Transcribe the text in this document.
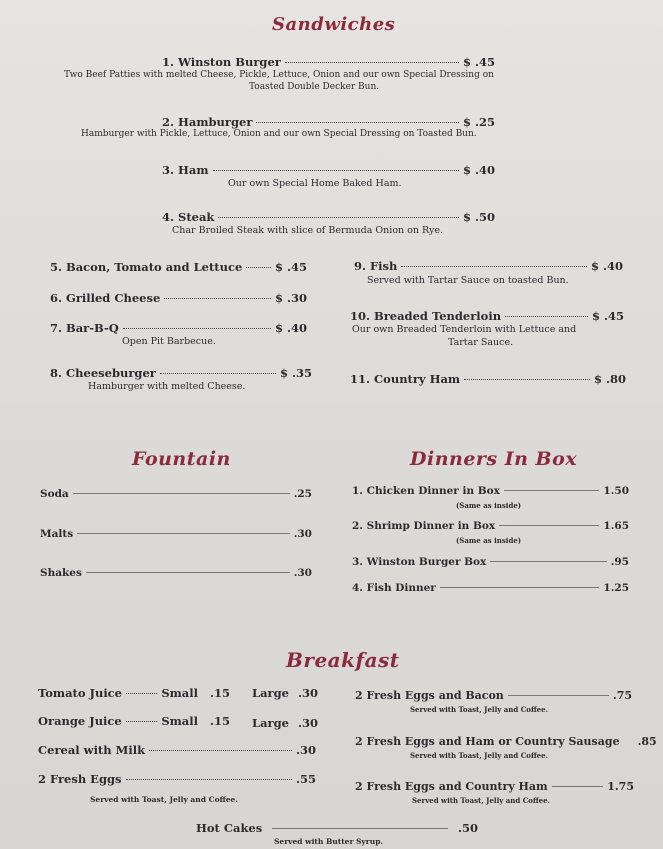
Sandwiches
1. Winston Burger	$ .45
Two Beef Patties with melted Cheese, Pickle, Lettuce, Onion and our own Special Dressing on
Toasted Double Decker Bun.
2. Hamburger	$ .25
Hamburger with Pickle, Lettuce, Onion and our own Special Dressing on Toasted Bun.
3. Ham	$ .40
Our own Special Home Baked Ham.
4. Steak	$ .50
Char Broiled Steak with slice of Bermuda Onion on Rye.
5. Bacon, Tomato and Lettuce	$ .45
6. Grilled Cheese	$ .30
7. Bar-B-Q	$ .40
Open Pit Barbecue.
8. Cheeseburger	$ .35
Hamburger with melted Cheese.
9. Fish	$ .40
Served with Tartar Sauce on toasted Bun.
10. Breaded Tenderloin	$ .45
Our own Breaded Tenderloin with Lettuce and
Tartar Sauce.
11. Country Ham	$ .80
Fountain
Soda	.25
Malts	.30
Shakes	.30
Dinners In Box
1. Chicken Dinner in Box	1.50
(Same as inside)
2. Shrimp Dinner in Box	1.65
(Same as inside)
3. Winston Burger Box	.95
4. Fish Dinner	1.25
Breakfast
Tomato Juice	Small .15 Large .30
Orange Juice	Small .15 Large .30
Cereal with Milk	.30
2 Fresh Eggs	.55
Served with Toast, Jelly and Coffee.
2 Fresh Eggs and Bacon	.75
Served with Toast, Jelly and Coffee.
2 Fresh Eggs and Ham or Country Sausage .85
Served with Toast, Jelly and Coffee.
2 Fresh Eggs and Country Ham	1.75
Served with Toast, Jelly and Coffee.
Hot Cakes	.50
Served with Butter Syrup.
